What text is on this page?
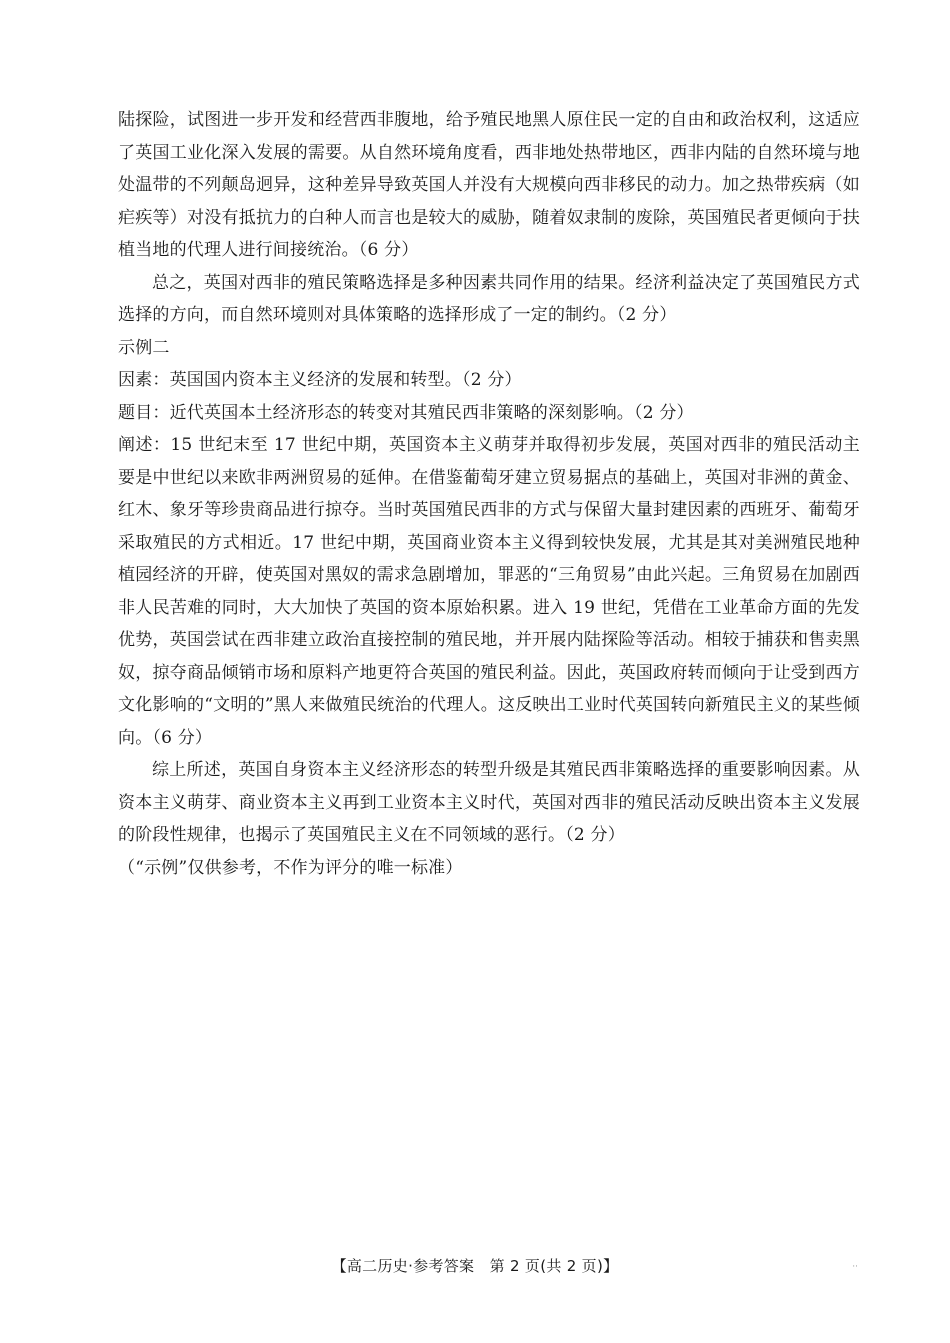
陆探险，试图进一步开发和经营西非腹地，给予殖民地黑人原住民一定的自由和政治权利，这适应了英国工业化深入发展的需要。从自然环境角度看，西非地处热带地区，西非内陆的自然环境与地处温带的不列颠岛迥异，这种差异导致英国人并没有大规模向西非移民的动力。加之热带疾病（如疟疾等）对没有抵抗力的白种人而言也是较大的威胁，随着奴隶制的废除，英国殖民者更倾向于扶植当地的代理人进行间接统治。（6 分）

总之，英国对西非的殖民策略选择是多种因素共同作用的结果。经济利益决定了英国殖民方式选择的方向，而自然环境则对具体策略的选择形成了一定的制约。（2 分）

示例二

因素：英国国内资本主义经济的发展和转型。（2 分）

题目：近代英国本土经济形态的转变对其殖民西非策略的深刻影响。（2 分）

阐述：15 世纪末至 17 世纪中期，英国资本主义萌芽并取得初步发展，英国对西非的殖民活动主要是中世纪以来欧非两洲贸易的延伸。在借鉴葡萄牙建立贸易据点的基础上，英国对非洲的黄金、红木、象牙等珍贵商品进行掠夺。当时英国殖民西非的方式与保留大量封建因素的西班牙、葡萄牙采取殖民的方式相近。17 世纪中期，英国商业资本主义得到较快发展，尤其是其对美洲殖民地种植园经济的开辟，使英国对黑奴的需求急剧增加，罪恶的“三角贸易”由此兴起。三角贸易在加剧西非人民苦难的同时，大大加快了英国的资本原始积累。进入 19 世纪，凭借在工业革命方面的先发优势，英国尝试在西非建立政治直接控制的殖民地，并开展内陆探险等活动。相较于捕获和售卖黑奴，掠夺商品倾销市场和原料产地更符合英国的殖民利益。因此，英国政府转而倾向于让受到西方文化影响的“文明的”黑人来做殖民统治的代理人。这反映出工业时代英国转向新殖民主义的某些倾向。（6 分）

综上所述，英国自身资本主义经济形态的转型升级是其殖民西非策略选择的重要影响因素。从资本主义萌芽、商业资本主义再到工业资本主义时代，英国对西非的殖民活动反映出资本主义发展的阶段性规律，也揭示了英国殖民主义在不同领域的恶行。（2 分）

（“示例”仅供参考，不作为评分的唯一标准）

【高二历史·参考答案　第 2 页(共 2 页)】	··
